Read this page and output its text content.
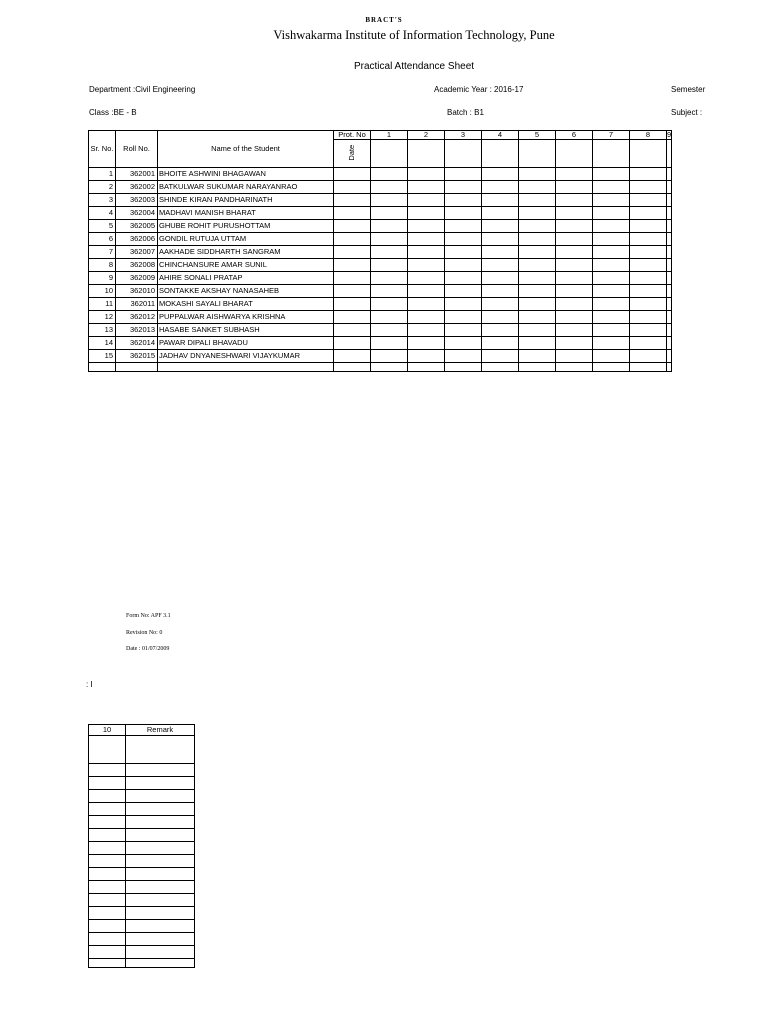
BRACT'S
Vishwakarma Institute of Information Technology, Pune
Practical Attendance Sheet
Department :Civil Engineering	Academic Year : 2016-17	Semester
Class :BE - B	Batch : B1	Subject :
Sr. No.	Roll No.	Name of the Student	Prot. No	1	2	3	4	5	6	7	8	9
			Date									
1	362001	BHOITE ASHWINI BHAGAWAN										
2	362002	BATKULWAR SUKUMAR NARAYANRAO										
3	362003	SHINDE KIRAN PANDHARINATH										
4	362004	MADHAVI MANISH BHARAT										
5	362005	GHUBE ROHIT PURUSHOTTAM										
6	362006	GONDIL RUTUJA UTTAM										
7	362007	AAKHADE SIDDHARTH SANGRAM										
8	362008	CHINCHANSURE AMAR SUNIL										
9	362009	AHIRE SONALI PRATAP										
10	362010	SONTAKKE AKSHAY NANASAHEB										
11	362011	MOKASHI SAYALI BHARAT										
12	362012	PUPPALWAR AISHWARYA KRISHNA										
13	362013	HASABE SANKET SUBHASH										
14	362014	PAWAR DIPALI BHAVADU										
15	362015	JADHAV DNYANESHWARI VIJAYKUMAR										

Form No: APF 3.1
Revision No: 0
Date : 01/07/2009
: I
10	Remark
